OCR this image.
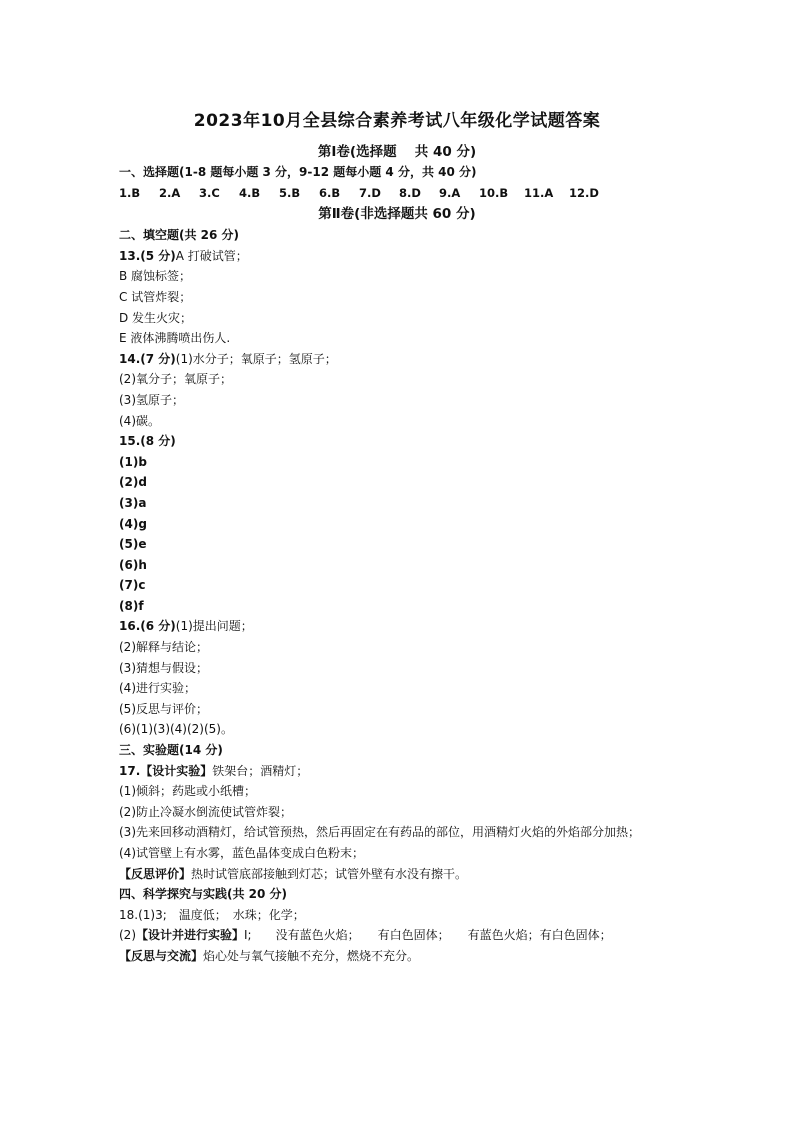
2023年10月全县综合素养考试八年级化学试题答案
第Ⅰ卷(选择题　 共 40 分)
一、选择题(1-8 题每小题 3 分，9-12 题每小题 4 分，共 40 分)
1.B	2.A	3.C	4.B	5.B	6.B	7.D	8.D	9.A	10.B	11.A	12.D
第Ⅱ卷(非选择题共 60 分)
二、填空题(共 26 分)
13.(5 分)A 打破试管；
B 腐蚀标签；
C 试管炸裂；
D 发生火灾；
E 液体沸腾喷出伤人.
14.(7 分)(1)水分子；氧原子；氢原子；
(2)氧分子；氧原子；
(3)氢原子；
(4)碳。
15.(8 分)
(1)b
(2)d
(3)a
(4)g
(5)e
(6)h
(7)c
(8)f
16.(6 分)(1)提出问题；
(2)解释与结论；
(3)猜想与假设；
(4)进行实验；
(5)反思与评价；
(6)(1)(3)(4)(2)(5)。
三、实验题(14 分)
17.【设计实验】铁架台；酒精灯；
(1)倾斜；药匙或小纸槽；
(2)防止冷凝水倒流使试管炸裂；
(3)先来回移动酒精灯，给试管预热，然后再固定在有药品的部位，用酒精灯火焰的外焰部分加热；
(4)试管壁上有水雾，蓝色晶体变成白色粉末；
【反思评价】热时试管底部接触到灯芯；试管外壁有水没有擦干。
四、科学探究与实践(共 20 分)
18.(1)3;　温度低；　水珠；化学；
(2)【设计并进行实验】I;　　没有蓝色火焰；　　有白色固体；　　有蓝色火焰；有白色固体；
【反思与交流】焰心处与氧气接触不充分，燃烧不充分。
